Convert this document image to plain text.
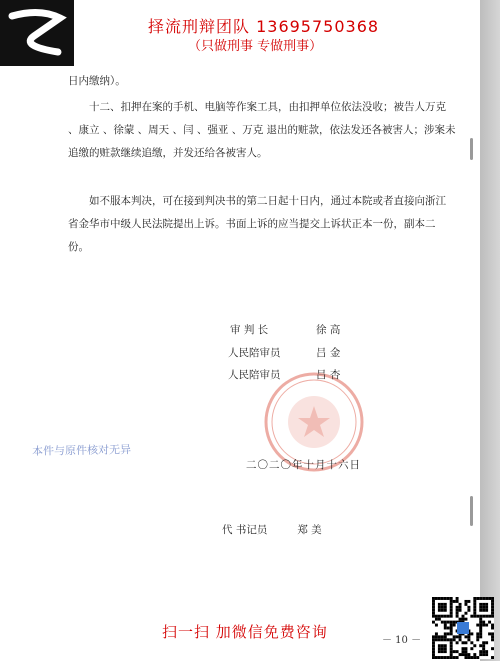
择流刑辩团队 13695750368
（只做刑事 专做刑事）
日内缴纳）。
十二、扣押在案的手机、电脑等作案工具，由扣押单位依法没收；被告人万克 、康立 、徐蒙 、周天 、闫 、强亚 、万克 退出的赃款，依法发还各被害人；涉案未追缴的赃款继续追缴，并发还给各被害人。
如不服本判决，可在接到判决书的第二日起十日内，通过本院或者直接向浙江省金华市中级人民法院提出上诉。书面上诉的应当提交上诉状正本一份，副本二份。
审 判 长	徐 高
人民陪审员	吕 金
人民陪审员	吕 杏
本件与原件核对无异
二〇二〇年十月十六日
代 书记员	郑 美
扫一扫 加微信免费咨询	－ 10 －
